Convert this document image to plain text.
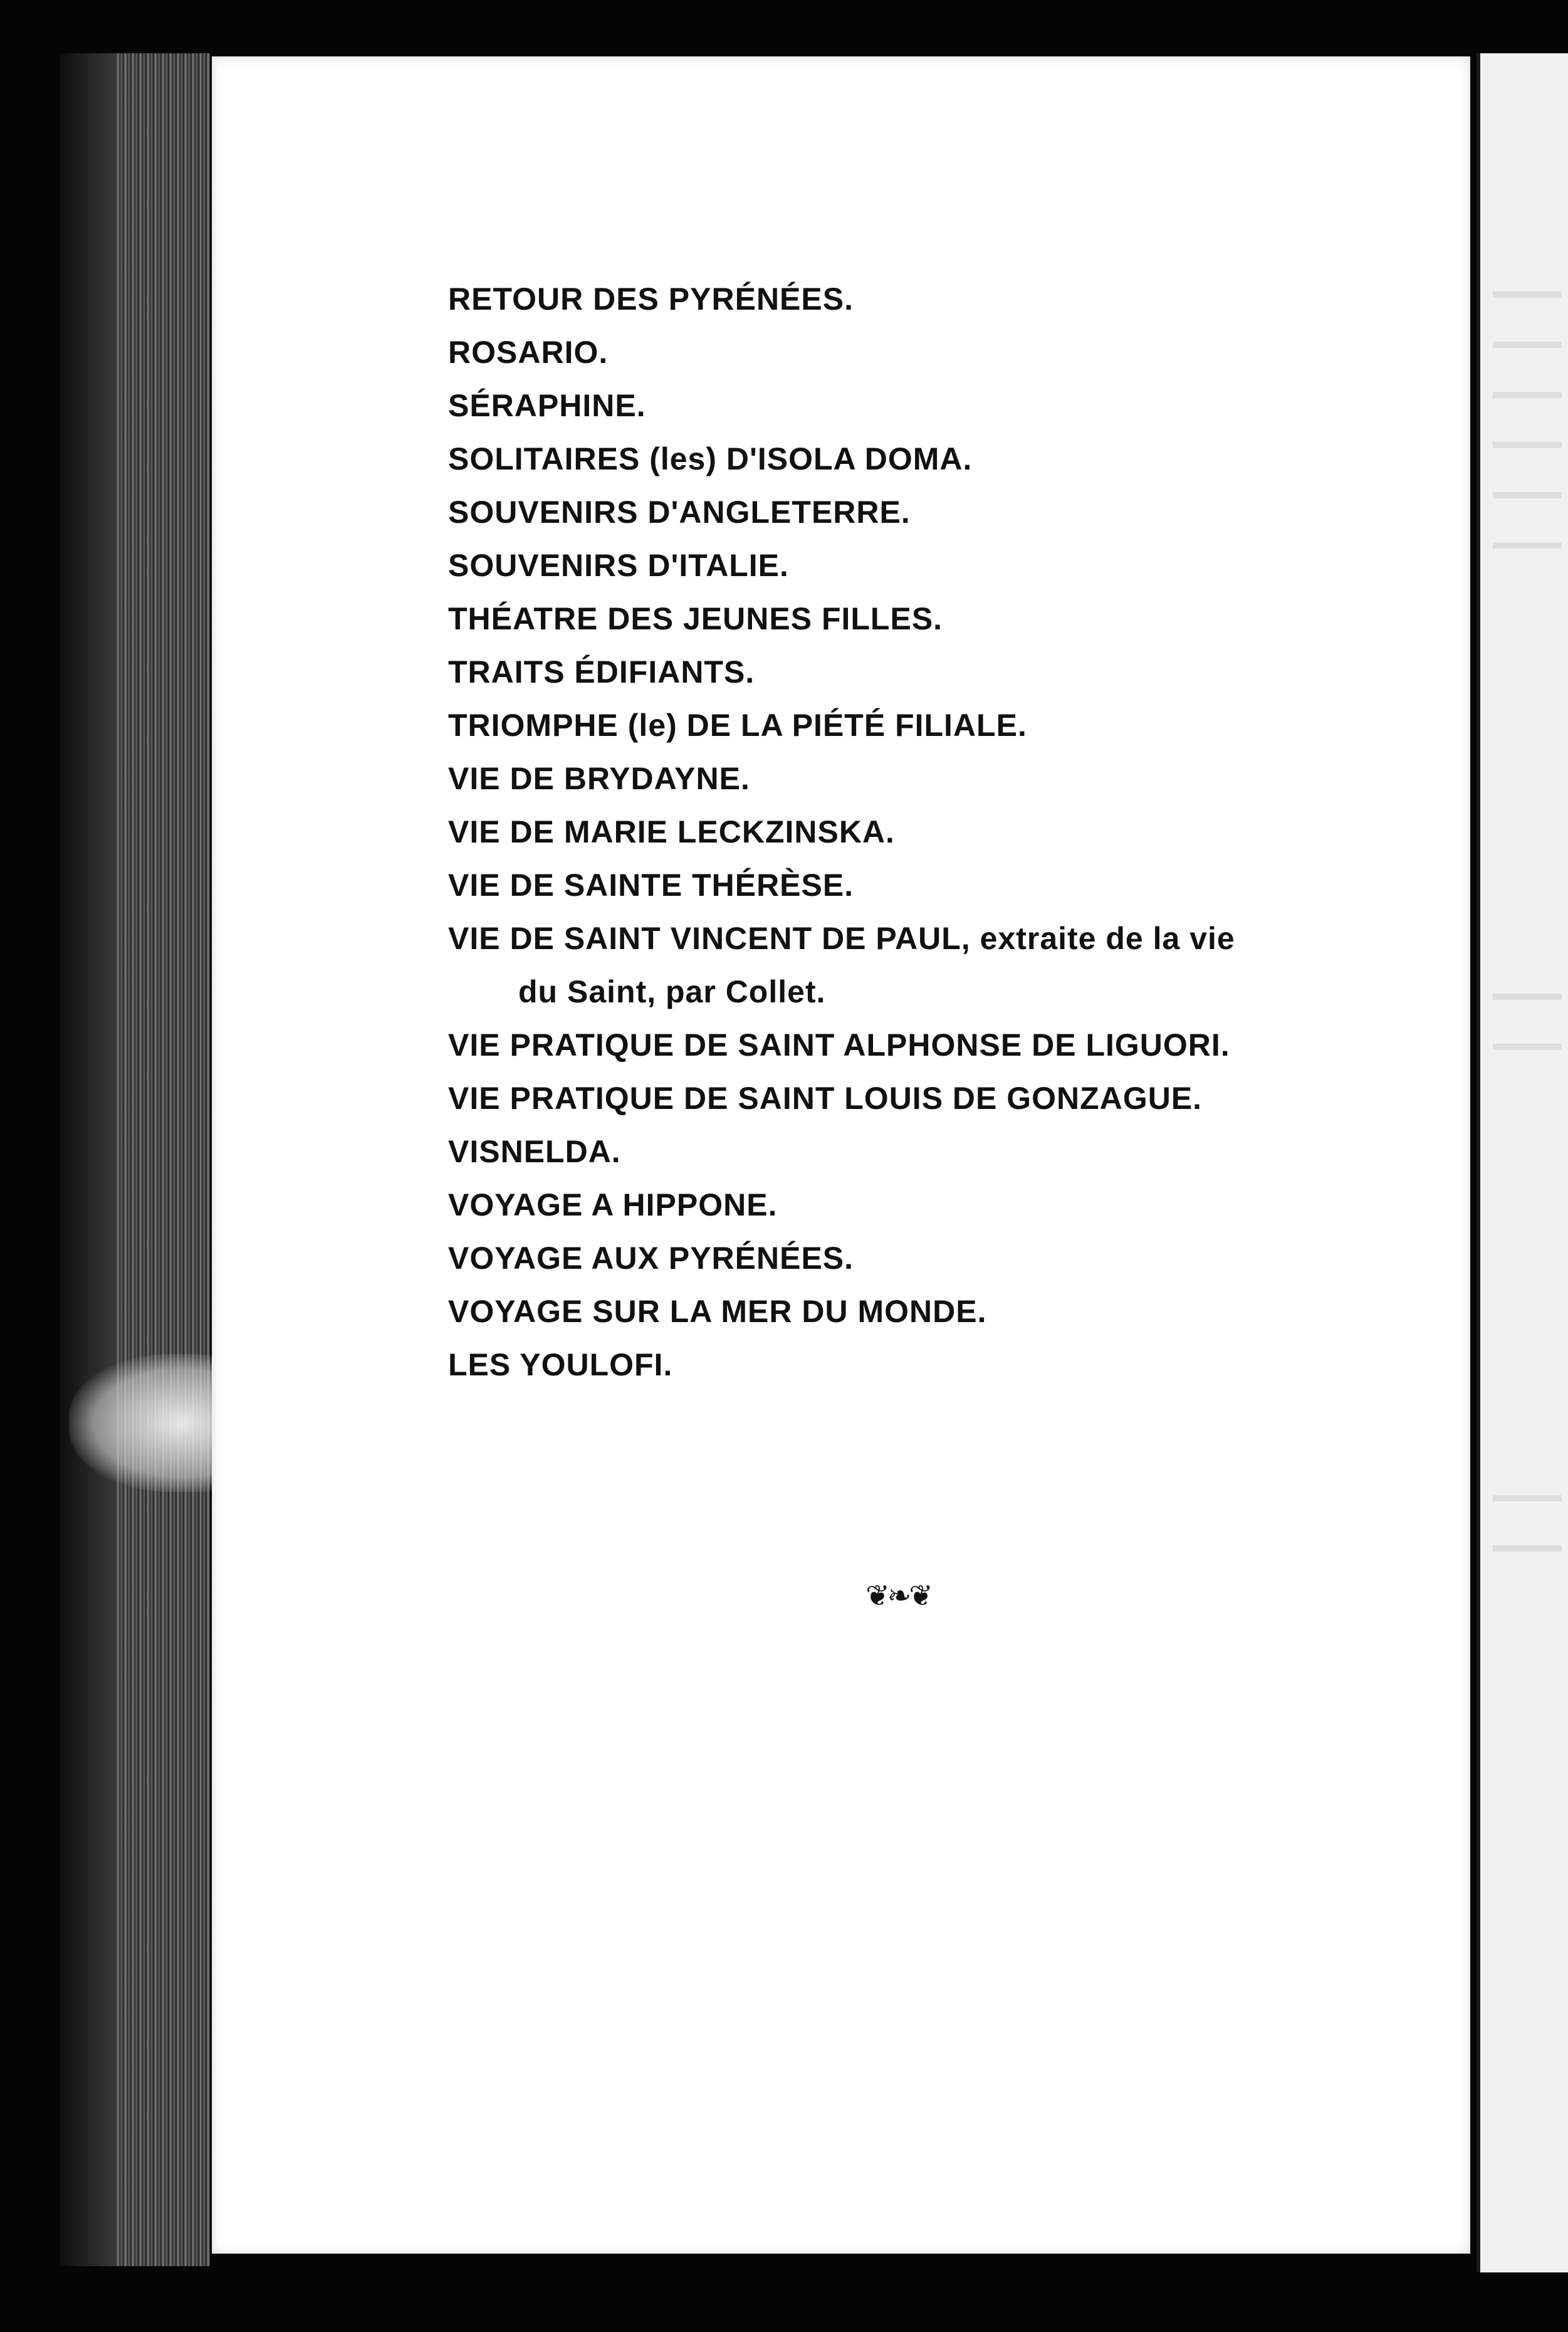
RETOUR DES PYRÉNÉES.
ROSARIO.
SÉRAPHINE.
SOLITAIRES (les) D'ISOLA DOMA.
SOUVENIRS D'ANGLETERRE.
SOUVENIRS D'ITALIE.
THÉATRE DES JEUNES FILLES.
TRAITS ÉDIFIANTS.
TRIOMPHE (le) DE LA PIÉTÉ FILIALE.
VIE DE BRYDAYNE.
VIE DE MARIE LECKZINSKA.
VIE DE SAINTE THÉRÈSE.
VIE DE SAINT VINCENT DE PAUL, extraite de la vie
du Saint, par Collet.
VIE PRATIQUE DE SAINT ALPHONSE DE LIGUORI.
VIE PRATIQUE DE SAINT LOUIS DE GONZAGUE.
VISNELDA.
VOYAGE A HIPPONE.
VOYAGE AUX PYRÉNÉES.
VOYAGE SUR LA MER DU MONDE.
LES YOULOFI.
❦❧❦
